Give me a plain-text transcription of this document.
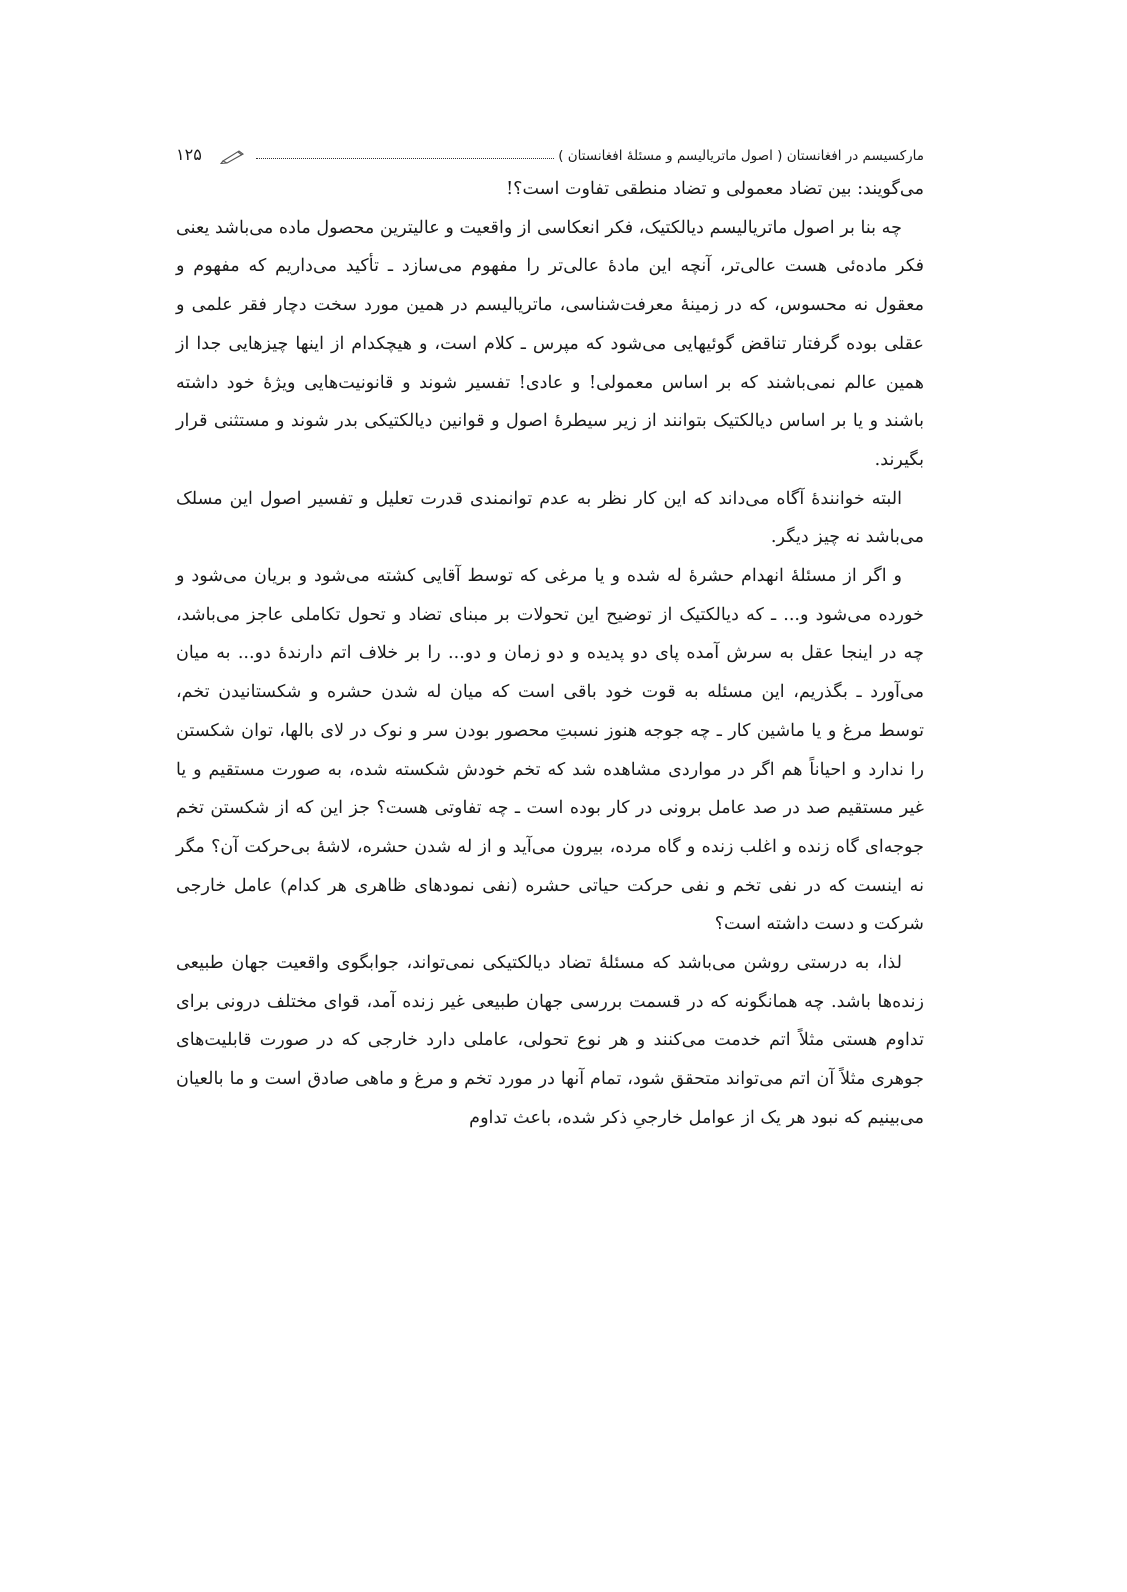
مارکسیسم در افغانستان ( اصول ماتریالیسم و مسئلۀ افغانستان )
۱۲۵

می‌گویند: بین تضاد معمولی و تضاد منطقی تفاوت است؟!

چه بنا بر اصول ماتریالیسم دیالکتیک، فکر انعکاسی از واقعیت و عالیترین محصول ماده می‌باشد یعنی فکر ماده‌ئی هست عالی‌تر، آنچه این مادۀ عالی‌تر را مفهوم می‌سازد ـ تأکید می‌داریم که مفهوم و معقول نه محسوس، که در زمینۀ معرفت‌شناسی، ماتریالیسم در همین مورد سخت دچار فقر علمی و عقلی بوده گرفتار تناقض گوئیهایی می‌شود که مپرس ـ کلام است، و هیچکدام از اینها چیزهایی جدا از همین عالم نمی‌باشند که بر اساس معمولی! و عادی! تفسیر شوند و قانونیت‌هایی ویژۀ خود داشته باشند و یا بر اساس دیالکتیک بتوانند از زیر سیطرۀ اصول و قوانین دیالکتیکی بدر شوند و مستثنی قرار بگیرند.

البته خوانندۀ آگاه می‌داند که این کار نظر به عدم توانمندی قدرت تعلیل و تفسیر اصول این مسلک می‌باشد نه چیز دیگر.

و اگر از مسئلۀ انهدام حشرۀ له شده و یا مرغی که توسط آقایی کشته می‌شود و بریان می‌شود و خورده می‌شود و... ـ که دیالکتیک از توضیح این تحولات بر مبنای تضاد و تحول تکاملی عاجز می‌باشد، چه در اینجا عقل به سرش آمده پای دو پدیده و دو زمان و دو... را بر خلاف اتم دارندۀ دو... به میان می‌آورد ـ بگذریم، این مسئله به قوت خود باقی است که میان له شدن حشره و شکستانیدن تخم، توسط مرغ و یا ماشین کار ـ چه جوجه هنوز نسبتِ محصور بودن سر و نوک در لای بالها، توان شکستن را ندارد و احیاناً هم اگر در مواردی مشاهده شد که تخم خودش شکسته شده، به صورت مستقیم و یا غیر مستقیم صد در صد عامل برونی در کار بوده است ـ چه تفاوتی هست؟ جز این که از شکستن تخم جوجه‌ای گاه زنده و اغلب زنده و گاه مرده، بیرون می‌آید و از له شدن حشره، لاشۀ بی‌حرکت آن؟ مگر نه اینست که در نفی تخم و نفی حرکت حیاتی حشره (نفی نمودهای ظاهری هر کدام) عامل خارجی شرکت و دست داشته است؟

لذا، به درستی روشن می‌باشد که مسئلۀ تضاد دیالکتیکی نمی‌تواند، جوابگوی واقعیت جهان طبیعی زنده‌ها باشد. چه همانگونه که در قسمت بررسی جهان طبیعی غیر زنده آمد، قوای مختلف درونی برای تداوم هستی مثلاً اتم خدمت می‌کنند و هر نوع تحولی، عاملی دارد خارجی که در صورت قابلیت‌های جوهری مثلاً آن اتم می‌تواند متحقق شود، تمام آنها در مورد تخم و مرغ و ماهی صادق است و ما بالعیان می‌بینیم که نبود هر یک از عوامل خارجیِ ذکر شده، باعث تداوم
